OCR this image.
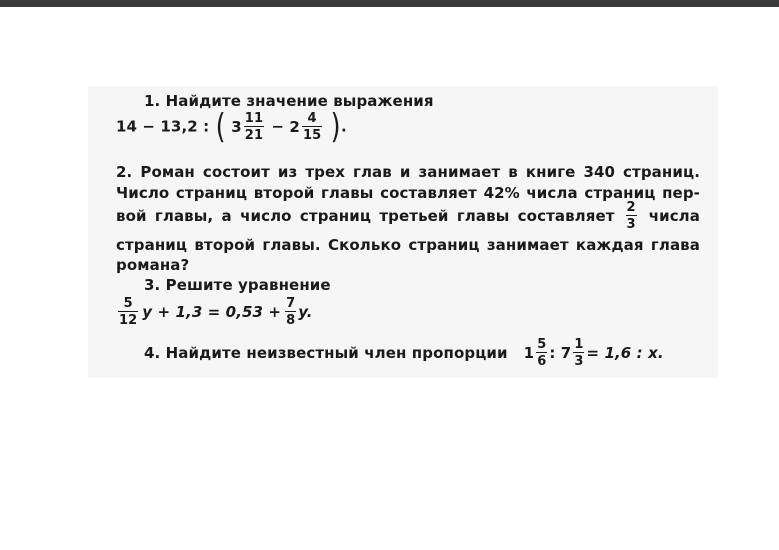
1. Найдите значение выражения
14 − 13,2 : ( $3 \frac{11}{21} - 2 \frac{4}{15}$ ).
2. Роман состоит из трех глав и занимает в книге 340 страниц.
Число страниц второй главы составляет 42% числа страниц пер-
вой главы, а число страниц третьей главы составляет $\frac{2}{3}$ числа
страниц второй главы. Сколько страниц занимает каждая глава
романа?
3. Решите уравнение
$\frac{5}{12}$ $y + 1,3 = 0,53 + \frac{7}{8} y$.
4. Найдите неизвестный член пропорции $1 \frac{5}{6}$ : $7 \frac{1}{3} = 1,6$ : x.
